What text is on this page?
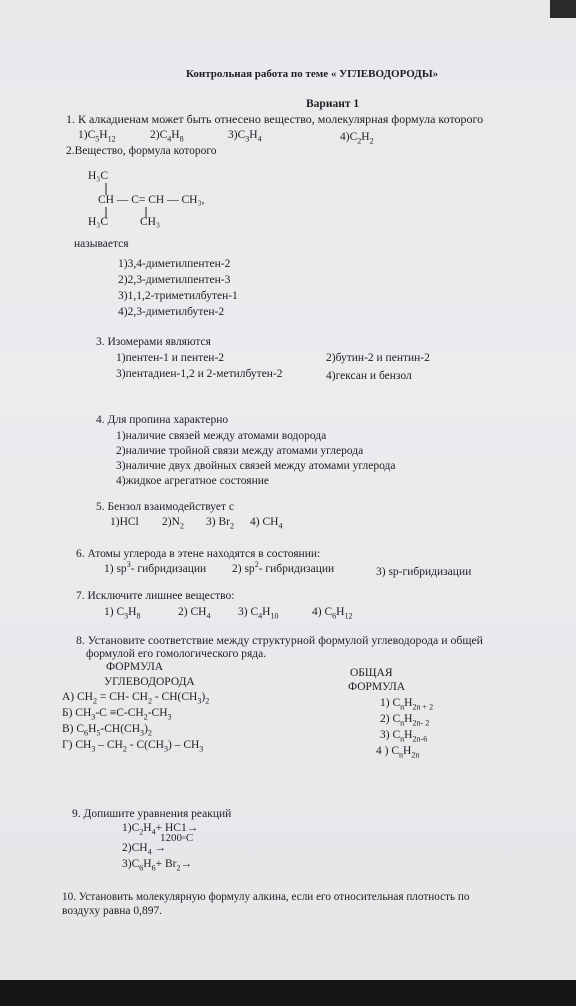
Контрольная работа по теме « УГЛЕВОДОРОДЫ»
Вариант 1
1. К алкадиенам может быть отнесено вещество, молекулярная формула которого
$1)C_5H_{12}$	$2)C_4H_8$	$3)C_3H_4$	$4)C_2H_2$
2.Вещество, формула которого
H₃C
CH — C= CH — CH₃,
H₃C	CH₃
называется
1)3,4-диметилпентен-2
2)2,3-диметилпентен-3
3)1,1,2-триметилбутен-1
4)2,3-диметилбутен-2
3. Изомерами являются
1)пентен-1 и пентен-2	2)бутин-2 и пентин-2
3)пентадиен-1,2 и 2-метилбутен-2	4)гексан и бензол
4. Для пропина характерно
1)наличие связей между атомами водорода
2)наличие тройной связи между атомами углерода
3)наличие двух двойных связей между атомами углерода
4)жидкое агрегатное состояние
5. Бензол взаимодействует с
1)HCl $2)N_2$ 3) $Br_2$ 4) $CH_4$
6. Атомы углерода в этене находятся в состоянии:
1) $sp^3-$ гибридизации 2) $sp^2-$ гибридизации	3) sp-гибридизации
7. Исключите лишнее вещество:
1) $C_3H_8$	2) $CH_4$ 3) $C_4H_{10}$	4) $C_6H_{12}$
8. Установите соответствие между структурной формулой углеводорода и общей
формулой его гомологического ряда.
ФОРМУЛА
УГЛЕВОДОРОДА
ОБЩАЯ
ФОРМУЛА
А) $CH_2 = CH-$ $CH_2 - CH(CH_3)_2$
Б) $CH_3-C \equiv C-CH_2-CH_3$
В) $C_6H_5-CH(CH_3)_2$
Г) $CH_3 - CH_2 - C(CH_3) - CH_3$
1) $C_nH_{2n + 2}$
2) $C_nH_{2n- 2}$
3) $C_nH_{2n-6}$
4 ) $C_nH_{2n}$
9. Допишите уравнения реакций
$1)C_2H_4+ HC1\to$
1200◦C
$2)CH_4$ →
$3)C_6H_6+ Br_2\to$
10. Установить молекулярную формулу алкина, если его относительная плотность по
воздуху равна 0,897.
